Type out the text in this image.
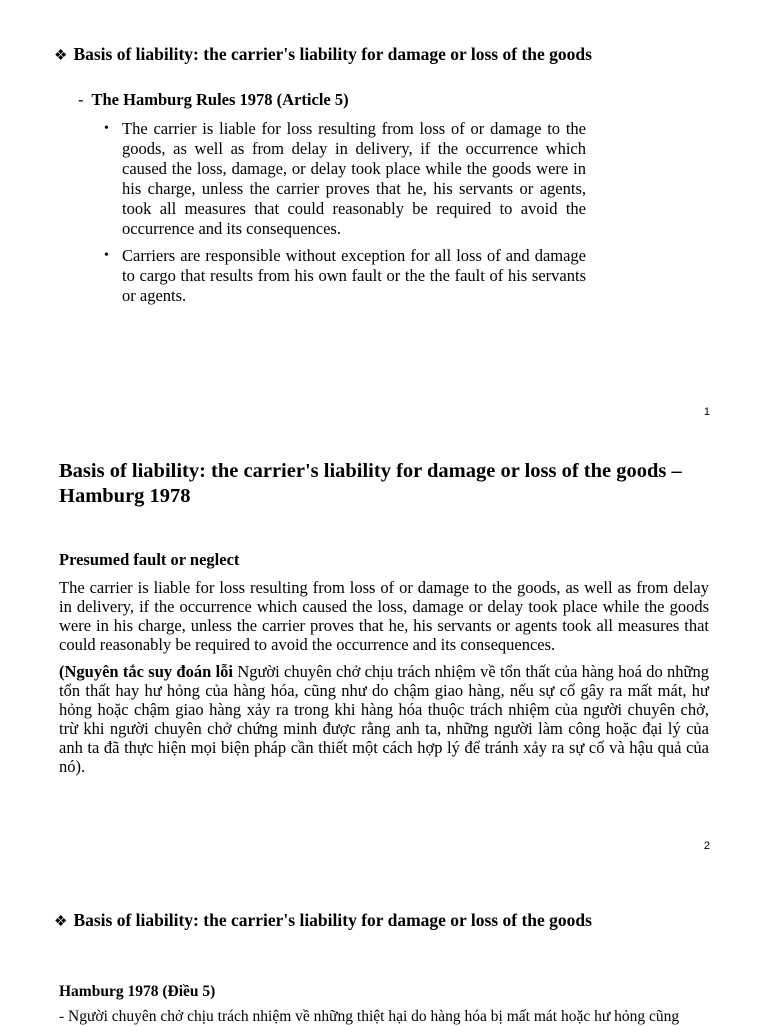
❖ Basis of liability: the carrier's liability for damage or loss of the goods
- The Hamburg Rules 1978 (Article 5)
• The carrier is liable for loss resulting from loss of or damage to the goods, as well as from delay in delivery, if the occurrence which caused the loss, damage, or delay took place while the goods were in his charge, unless the carrier proves that he, his servants or agents, took all measures that could reasonably be required to avoid the occurrence and its consequences.
• Carriers are responsible without exception for all loss of and damage to cargo that results from his own fault or the the fault of his servants or agents.
1
Basis of liability: the carrier's liability for damage or loss of the goods – Hamburg 1978
Presumed fault or neglect

The carrier is liable for loss resulting from loss of or damage to the goods, as well as from delay in delivery, if the occurrence which caused the loss, damage or delay took place while the goods were in his charge, unless the carrier proves that he, his servants or agents took all measures that could reasonably be required to avoid the occurrence and its consequences.

(Nguyên tắc suy đoán lỗi Người chuyên chở chịu trách nhiệm về tổn thất của hàng hoá do những tổn thất hay hư hỏng của hàng hóa, cũng như do chậm giao hàng, nếu sự cố gây ra mất mát, hư hỏng hoặc chậm giao hàng xảy ra trong khi hàng hóa thuộc trách nhiệm của người chuyên chở, trừ khi người chuyên chở chứng minh được rằng anh ta, những người làm công hoặc đại lý của anh ta đã thực hiện mọi biện pháp cần thiết một cách hợp lý để tránh xảy ra sự cố và hậu quả của nó).

2
❖ Basis of liability: the carrier's liability for damage or loss of the goods
Hamburg 1978 (Điều 5)
- Người chuyên chở chịu trách nhiệm về những thiệt hại do hàng hóa bị mất mát hoặc hư hỏng cũng
